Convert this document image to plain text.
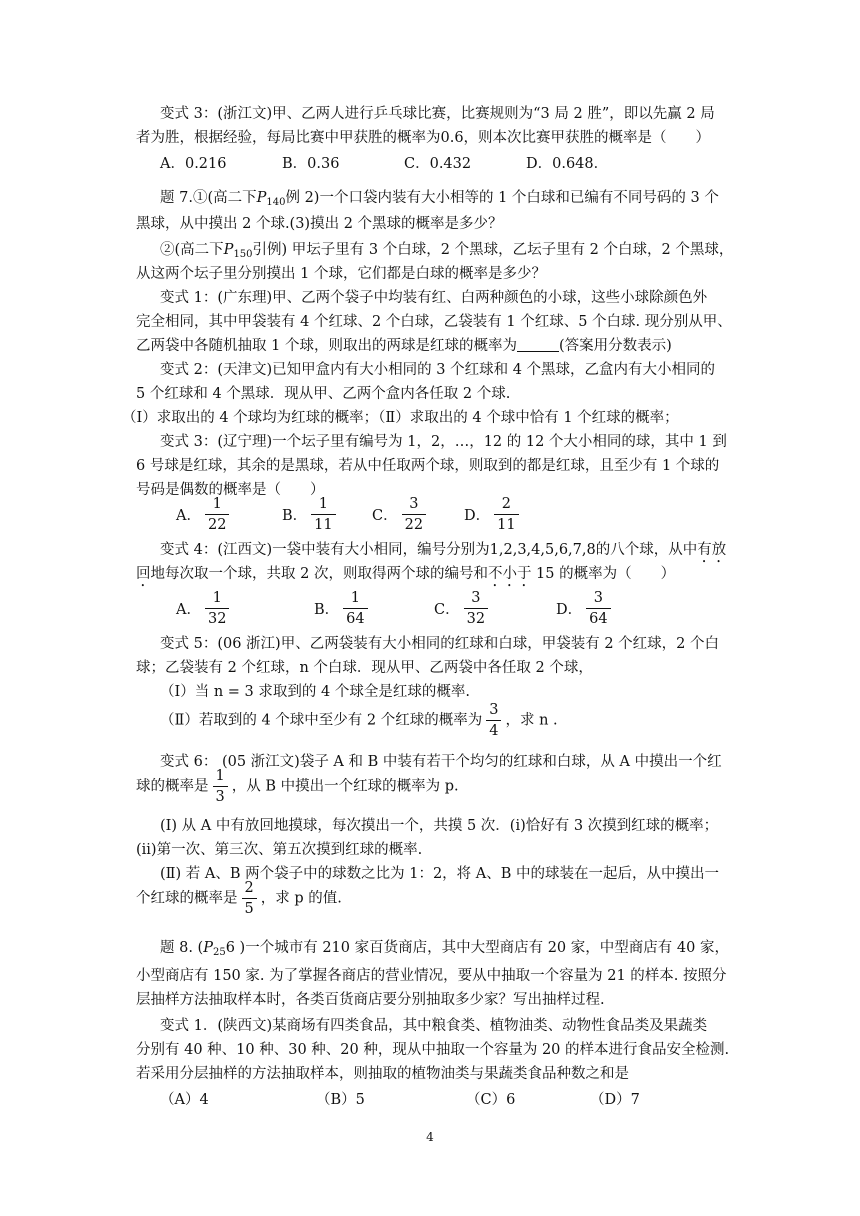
变式 3：(浙江文)甲、乙两人进行乒乓球比赛，比赛规则为“3 局 2 胜”，即以先赢 2 局
者为胜，根据经验，每局比赛中甲获胜的概率为0.6，则本次比赛甲获胜的概率是（　　）
A．0.216	B．0.36	C．0.432	D．0.648．
题 7.①(高二下$P_{140}$例 2)一个口袋内装有大小相等的 1 个白球和已编有不同号码的 3 个
黑球，从中摸出 2 个球.(3)摸出 2 个黑球的概率是多少？
②(高二下$P_{150}$引例) 甲坛子里有 3 个白球，2 个黑球，乙坛子里有 2 个白球，2 个黑球，
从这两个坛子里分别摸出 1 个球，它们都是白球的概率是多少？
变式 1：(广东理)甲、乙两个袋子中均装有红、白两种颜色的小球，这些小球除颜色外
完全相同，其中甲袋装有 4 个红球、2 个白球，乙袋装有 1 个红球、5 个白球. 现分别从甲、
乙两袋中各随机抽取 1 个球，则取出的两球是红球的概率为	(答案用分数表示)
变式 2：(天津文)已知甲盒内有大小相同的 3 个红球和 4 个黑球，乙盒内有大小相同的
5 个红球和 4 个黑球．现从甲、乙两个盒内各任取 2 个球.
（Ⅰ）求取出的 4 个球均为红球的概率；（Ⅱ）求取出的 4 个球中恰有 1 个红球的概率；
变式 3：(辽宁理)一个坛子里有编号为 1，2，…，12 的 12 个大小相同的球，其中 1 到
6 号球是红球，其余的是黑球，若从中任取两个球，则取到的都是红球，且至少有 1 个球的
号码是偶数的概率是（　　）
A． $\frac{1}{22}$	B． $\frac{1}{11}$	C． $\frac{3}{22}$	D． $\frac{2}{11}$
变式 4：(江西文)一袋中装有大小相同，编号分别为1,2,3,4,5,6,7,8的八个球，从中有放
回地每次取一个球，共取 2 次，则取得两个球的编号和不小于 15 的概率为（　　）
A． $\frac{1}{32}$	B． $\frac{1}{64}$	C． $\frac{3}{32}$	D． $\frac{3}{64}$
变式 5：(06 浙江)甲、乙两袋装有大小相同的红球和白球，甲袋装有 2 个红球，2 个白
球；乙袋装有 2 个红球，n 个白球．现从甲、乙两袋中各任取 2 个球，
（Ⅰ）当 n = 3 求取到的 4 个球全是红球的概率.
（Ⅱ）若取到的 4 个球中至少有 2 个红球的概率为 $\frac{3}{4}$ ，求 n .
变式 6： (05 浙江文)袋子 A 和 B 中装有若干个均匀的红球和白球，从 A 中摸出一个红
球的概率是 $\frac{1}{3}$ ，从 B 中摸出一个红球的概率为 p.
(Ⅰ) 从 A 中有放回地摸球，每次摸出一个，共摸 5 次．(i)恰好有 3 次摸到红球的概率；
(ii)第一次、第三次、第五次摸到红球的概率.
(Ⅱ) 若 A、B 两个袋子中的球数之比为 1：2，将 A、B 中的球装在一起后，从中摸出一
个红球的概率是 $\frac{2}{5}$ ，求 p 的值.
题 8. ($P_{25}6$ )一个城市有 210 家百货商店，其中大型商店有 20 家，中型商店有 40 家，
小型商店有 150 家. 为了掌握各商店的营业情况，要从中抽取一个容量为 21 的样本. 按照分
层抽样方法抽取样本时，各类百货商店要分别抽取多少家？写出抽样过程.
变式 1．(陕西文)某商场有四类食品，其中粮食类、植物油类、动物性食品类及果蔬类
分别有 40 种、10 种、30 种、20 种，现从中抽取一个容量为 20 的样本进行食品安全检测.
若采用分层抽样的方法抽取样本，则抽取的植物油类与果蔬类食品种数之和是
（A）4	（B）5	（C）6	（D）7
4
